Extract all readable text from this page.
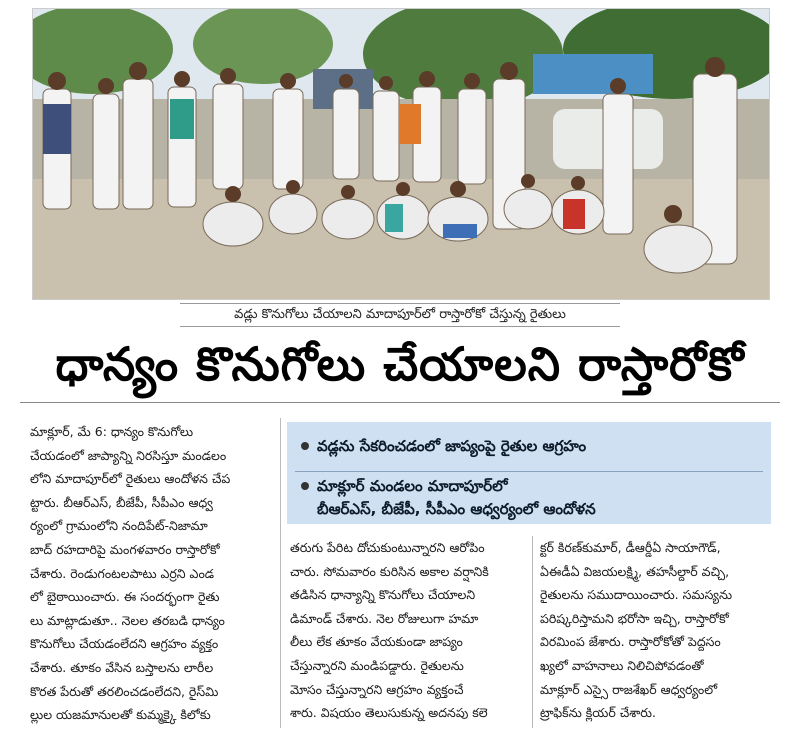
వడ్లు కొనుగోలు చేయాలని మాదాపూర్‌లో రాస్తారోకో చేస్తున్న రైతులు
ధాన్యం కొనుగోలు చేయాలని రాస్తారోకో
వడ్లను సేకరించడంలో జాప్యంపై రైతుల ఆగ్రహం
మాక్లూర్ మండలం మాదాపూర్‌లో
బీఆర్ఎస్, బీజేపీ, సీపీఎం ఆధ్వర్యంలో ఆందోళన

మాక్లూర్, మే 6: ధాన్యం కొనుగోలు

చేయడంలో జాప్యాన్ని నిరసిస్తూ మండలం

లోని మాదాపూర్‌లో రైతులు ఆందోళన చేప

ట్టారు. బీఆర్ఎస్, బీజేపీ, సీపీఎం ఆధ్వ

ర్యంలో గ్రామంలోని నందిపేట్‌-నిజామా

బాద్ రహదారిపై మంగళవారం రాస్తారోకో

చేశారు. రెండుగంటలపాటు ఎర్రని ఎండ

లో బైఠాయించారు. ఈ సందర్భంగా రైతు

లు మాట్లాడుతూ.. నెలల తరబడి ధాన్యం

కొనుగోలు చేయడంలేదని ఆగ్రహం వ్యక్తం

చేశారు. తూకం వేసిన బస్తాలను లారీల

కొరత పేరుతో తరలించడంలేదని, రైస్‌మి

ల్లుల యజమానులతో కుమ్మక్కై కిలోకు

తరుగు పేరిట దోచుకుంటున్నారని ఆరోపిం

చారు. సోమవారం కురిసిన అకాల వర్షానికి

తడిసిన ధాన్యాన్ని కొనుగోలు చేయాలని

డిమాండ్ చేశారు. నెల రోజులుగా హమా

లీలు లేక తూకం వేయకుండా జాప్యం

చేస్తున్నారని మండిపడ్డారు. రైతులను

మోసం చేస్తున్నారని ఆగ్రహం వ్యక్తంచే

శారు. విషయం తెలుసుకున్న అదనపు కలె

క్టర్ కిరణ్‌కుమార్, డీఆర్డీఏ సాయాగౌడ్,

ఏఈడీఏ విజయలక్ష్మి, తహసీల్దార్ వచ్చి,

రైతులను సముదాయించారు. సమస్యను

పరిష్కరిస్తామని భరోసా ఇచ్చి, రాస్తారోకో

విరమింప జేశారు. రాస్తారోకోతో పెద్దసం

ఖ్యలో వాహనాలు నిలిచిపోవడంతో

మాక్లూర్ ఎస్సై రాజశేఖర్ ఆధ్వర్యంలో

ట్రాఫిక్‌ను క్లియర్ చేశారు.
